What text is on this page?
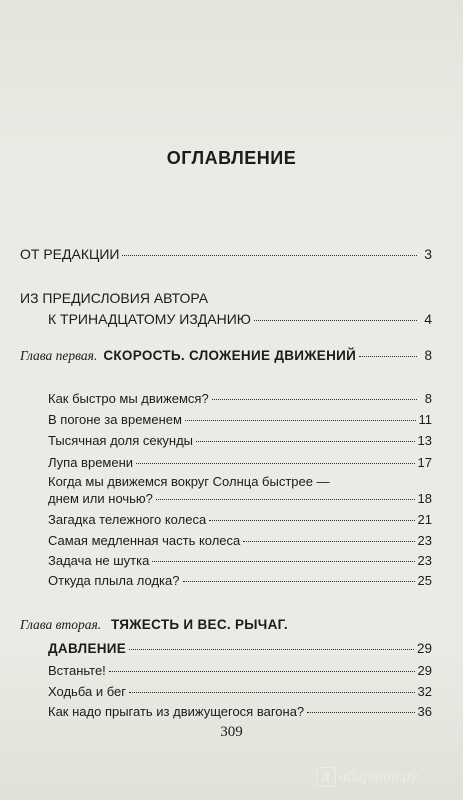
ОГЛАВЛЕНИЕ
ОТ РЕДАКЦИИ	3
ИЗ ПРЕДИСЛОВИЯ АВТОРА
К ТРИНАДЦАТОМУ ИЗДАНИЮ	4
Глава первая. СКОРОСТЬ. СЛОЖЕНИЕ ДВИЖЕНИЙ	8
Как быстро мы движемся?	8
В погоне за временем	11
Тысячная доля секунды	13
Лупа времени	17
Когда мы движемся вокруг Солнца быстрее —
днем или ночью?	18
Загадка тележного колеса	21
Самая медленная часть колеса	23
Задача не шутка	23
Откуда плыла лодка?	25
Глава вторая. ТЯЖЕСТЬ И ВЕС. РЫЧАГ.
ДАВЛЕНИЕ	29
Встаньте!	29
Ходьба и бег	32
Как надо прыгать из движущегося вагона?	36
309
Л абиринт.ру
